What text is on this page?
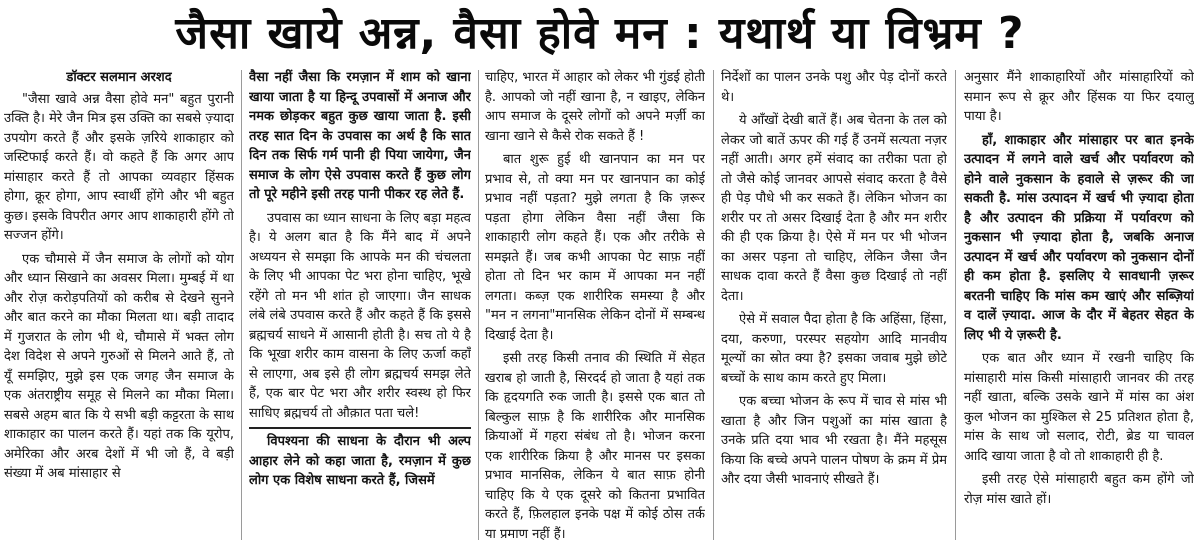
जैसा खाये अन्न, वैसा होवे मन : यथार्थ या विभ्रम ?
डॉक्टर सलमान अरशद

"जैसा खावे अन्न वैसा होवे मन" बहुत पुरानी उक्ति है। मेरे जैन मित्र इस उक्ति का सबसे ज़्यादा उपयोग करते हैं और इसके ज़रिये शाकाहार को जस्टिफाई करते हैं। वो कहते हैं कि अगर आप मांसाहार करते हैं तो आपका व्यवहार हिंसक होगा, क्रूर होगा, आप स्वार्थी होंगे और भी बहुत कुछ। इसके विपरीत अगर आप शाकाहारी होंगे तो सज्जन होंगे।

एक चौमासे में जैन समाज के लोगों को योग और ध्यान सिखाने का अवसर मिला। मुम्बई में था और रोज़ करोड़पतियों को करीब से देखने सुनने और बात करने का मौका मिलता था। बड़ी तादाद में गुजरात के लोग भी थे, चौमासे में भक्त लोग देश विदेश से अपने गुरुओं से मिलने आते हैं, तो यूँ समझिए, मुझे इस एक जगह जैन समाज के एक अंतराष्ट्रीय समूह से मिलने का मौका मिला। सबसे अहम बात कि ये सभी बड़ी कट्टरता के साथ शाकाहार का पालन करते हैं। यहां तक कि यूरोप, अमेरिका और अरब देशों में भी जो हैं, वे बड़ी संख्या में अब मांसाहार से

वैसा नहीं जैसा कि रमज़ान में शाम को खाना खाया जाता है या हिन्दू उपवासों में अनाज और नमक छोड़कर बहुत कुछ खाया जाता है. इसी तरह सात दिन के उपवास का अर्थ है कि सात दिन तक सिर्फ गर्म पानी ही पिया जायेगा, जैन समाज के लोग ऐसे उपवास करते हैं कुछ लोग तो पूरे महीने इसी तरह पानी पीकर रह लेते हैं.

उपवास का ध्यान साधना के लिए बड़ा महत्व है। ये अलग बात है कि मैंने बाद में अपने अध्ययन से समझा कि आपके मन की चंचलता के लिए भी आपका पेट भरा होना चाहिए, भूखे रहेंगे तो मन भी शांत हो जाएगा। जैन साधक लंबे लंबे उपवास करते हैं और कहते हैं कि इससे ब्रह्मचर्य साधने में आसानी होती है। सच तो ये है कि भूखा शरीर काम वासना के लिए ऊर्जा कहाँ से लाएगा, अब इसे ही लोग ब्रह्मचर्य समझ लेते हैं, एक बार पेट भरा और शरीर स्वस्थ हो फिर साधिए ब्रह्मचर्य तो औक़ात पता चले!

विपश्यना की साधना के दौरान भी अल्प आहार लेने को कहा जाता है, रमज़ान में कुछ लोग एक विशेष साधना करते हैं, जिसमें

चाहिए, भारत में आहार को लेकर भी गुंडई होती है. आपको जो नहीं खाना है, न खाइए, लेकिन आप समाज के दूसरे लोगों को अपने मर्ज़ी का खाना खाने से कैसे रोक सकते हैं !

बात शुरू हुई थी खानपान का मन पर प्रभाव से, तो क्या मन पर खानपान का कोई प्रभाव नहीं पड़ता? मुझे लगता है कि ज़रूर पड़ता होगा लेकिन वैसा नहीं जैसा कि शाकाहारी लोग कहते हैं। एक और तरीके से समझते हैं। जब कभी आपका पेट साफ़ नहीं होता तो दिन भर काम में आपका मन नहीं लगता। कब्ज़ एक शारीरिक समस्या है और "मन न लगना"मानसिक लेकिन दोनों में सम्बन्ध दिखाई देता है।

इसी तरह किसी तनाव की स्थिति में सेहत खराब हो जाती है, सिरदर्द हो जाता है यहां तक कि हृदयगति रुक जाती है। इससे एक बात तो बिल्कुल साफ़ है कि शारीरिक और मानसिक क्रियाओं में गहरा संबंध तो है। भोजन करना एक शारीरिक क्रिया है और मानस पर इसका प्रभाव मानसिक, लेकिन ये बात साफ़ होनी चाहिए कि ये एक दूसरे को कितना प्रभावित करते हैं, फ़िलहाल इनके पक्ष में कोई ठोस तर्क या प्रमाण नहीं हैं।

निर्देशों का पालन उनके पशु और पेड़ दोनों करते थे।

ये आँखों देखी बातें हैं। अब चेतना के तल को लेकर जो बातें ऊपर की गई हैं उनमें सत्यता नज़र नहीं आती। अगर हमें संवाद का तरीका पता हो तो जैसे कोई जानवर आपसे संवाद करता है वैसे ही पेड़ पौधे भी कर सकते हैं। लेकिन भोजन का शरीर पर तो असर दिखाई देता है और मन शरीर की ही एक क्रिया है। ऐसे में मन पर भी भोजन का असर पड़ना तो चाहिए, लेकिन जैसा जैन साधक दावा करते हैं वैसा कुछ दिखाई तो नहीं देता।

ऐसे में सवाल पैदा होता है कि अहिंसा, हिंसा, दया, करुणा, परस्पर सहयोग आदि मानवीय मूल्यों का स्रोत क्या है? इसका जवाब मुझे छोटे बच्चों के साथ काम करते हुए मिला।

एक बच्चा भोजन के रूप में चाव से मांस भी खाता है और जिन पशुओं का मांस खाता है उनके प्रति दया भाव भी रखता है। मैंने महसूस किया कि बच्चे अपने पालन पोषण के क्रम में प्रेम और दया जैसी भावनाएं सीखते हैं।

अनुसार मैंने शाकाहारियों और मांसाहारियों को समान रूप से क्रूर और हिंसक या फिर दयालु पाया है।

हाँ, शाकाहार और मांसाहार पर बात इनके उत्पादन में लगने वाले खर्च और पर्यावरण को होने वाले नुकसान के हवाले से ज़रूर की जा सकती है. मांस उत्पादन में खर्च भी ज़्यादा होता है और उत्पादन की प्रक्रिया में पर्यावरण को नुकसान भी ज़्यादा होता है, जबकि अनाज उत्पादन में खर्च और पर्यावरण को नुकसान दोनों ही कम होता है. इसलिए ये सावधानी ज़रूर बरतनी चाहिए कि मांस कम खाएं और सब्ज़ियां व दालें ज़्यादा. आज के दौर में बेहतर सेहत के लिए भी ये ज़रूरी है.

एक बात और ध्यान में रखनी चाहिए कि मांसाहारी मांस किसी मांसाहारी जानवर की तरह नहीं खाता, बल्कि उसके खाने में मांस का अंश कुल भोजन का मुश्किल से 25 प्रतिशत होता है, मांस के साथ जो सलाद, रोटी, ब्रेड या चावल आदि खाया जाता है वो तो शाकाहारी ही है.

इसी तरह ऐसे मांसाहारी बहुत कम होंगे जो रोज़ मांस खाते हों।
